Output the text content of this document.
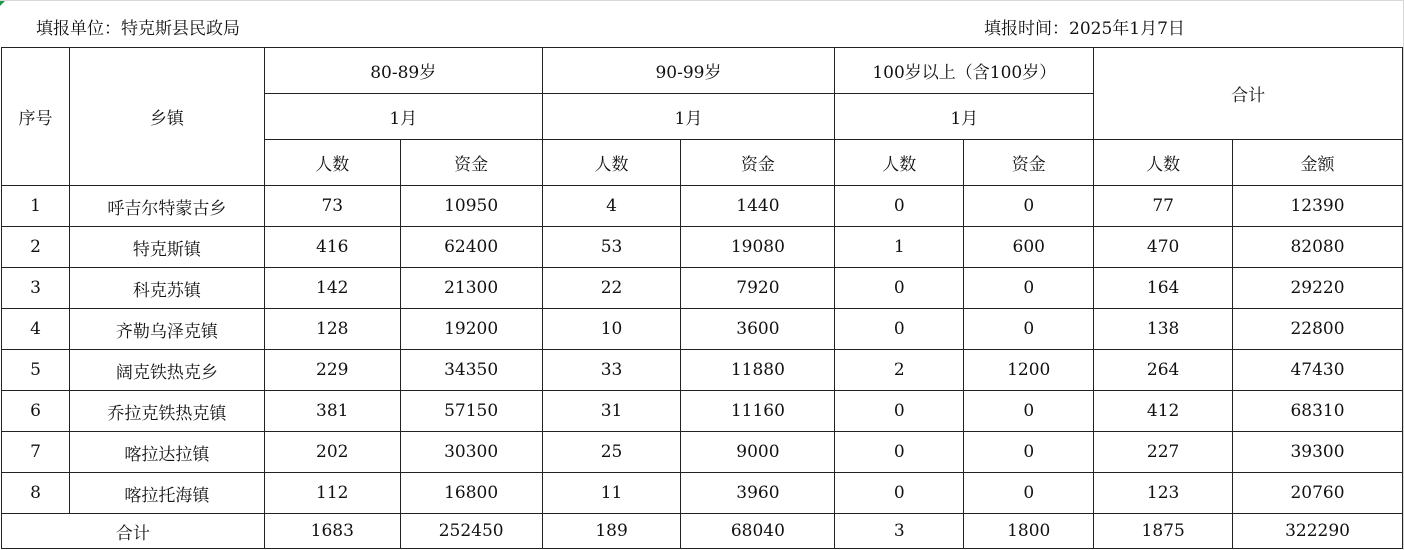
填报单位：特克斯县民政局	填报时间：2025年1月7日
序号	乡镇	80-89岁		90-99岁		100岁以上（含100岁）		合计	
		1月		1月		1月			
		人数	资金	人数	资金	人数	资金	人数	金额
1	呼吉尔特蒙古乡	73	10950	4	1440	0	0	77	12390
2	特克斯镇	416	62400	53	19080	1	600	470	82080
3	科克苏镇	142	21300	22	7920	0	0	164	29220
4	齐勒乌泽克镇	128	19200	10	3600	0	0	138	22800
5	阔克铁热克乡	229	34350	33	11880	2	1200	264	47430
6	乔拉克铁热克镇	381	57150	31	11160	0	0	412	68310
7	喀拉达拉镇	202	30300	25	9000	0	0	227	39300
8	喀拉托海镇	112	16800	11	3960	0	0	123	20760
合计		1683	252450	189	68040	3	1800	1875	322290
